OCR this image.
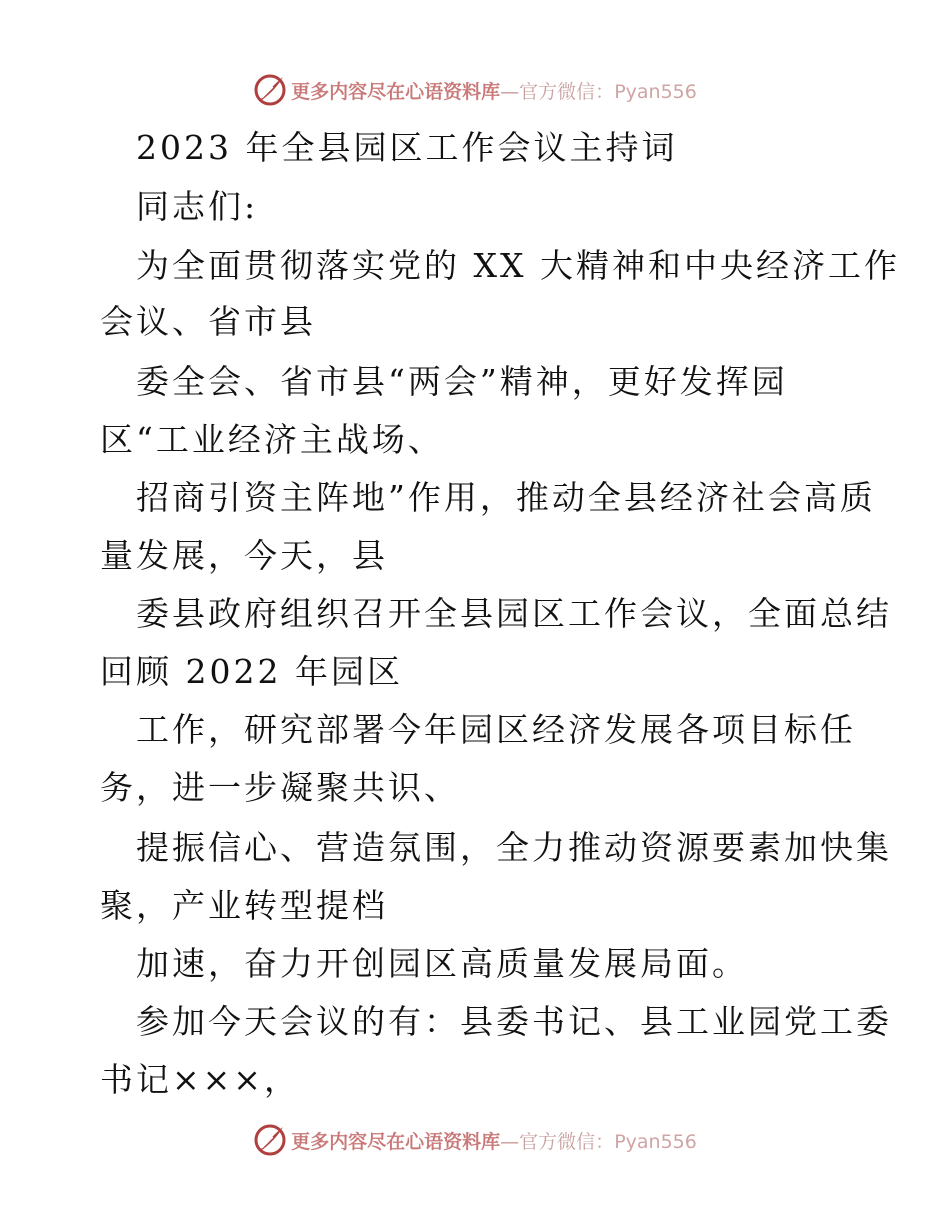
更多内容尽在心语资料库—官方微信：Pyan556
2023 年全县园区工作会议主持词
同志们:
为全面贯彻落实党的 XX 大精神和中央经济工作
会议、省市县
委全会、省市县“两会”精神，更好发挥园
区“工业经济主战场、
招商引资主阵地”作用，推动全县经济社会高质
量发展，今天，县
委县政府组织召开全县园区工作会议，全面总结
回顾 2022 年园区
工作，研究部署今年园区经济发展各项目标任
务，进一步凝聚共识、
提振信心、营造氛围，全力推动资源要素加快集
聚，产业转型提档
加速，奋力开创园区高质量发展局面。
参加今天会议的有：县委书记、县工业园党工委
书记×××，
更多内容尽在心语资料库—官方微信：Pyan556
